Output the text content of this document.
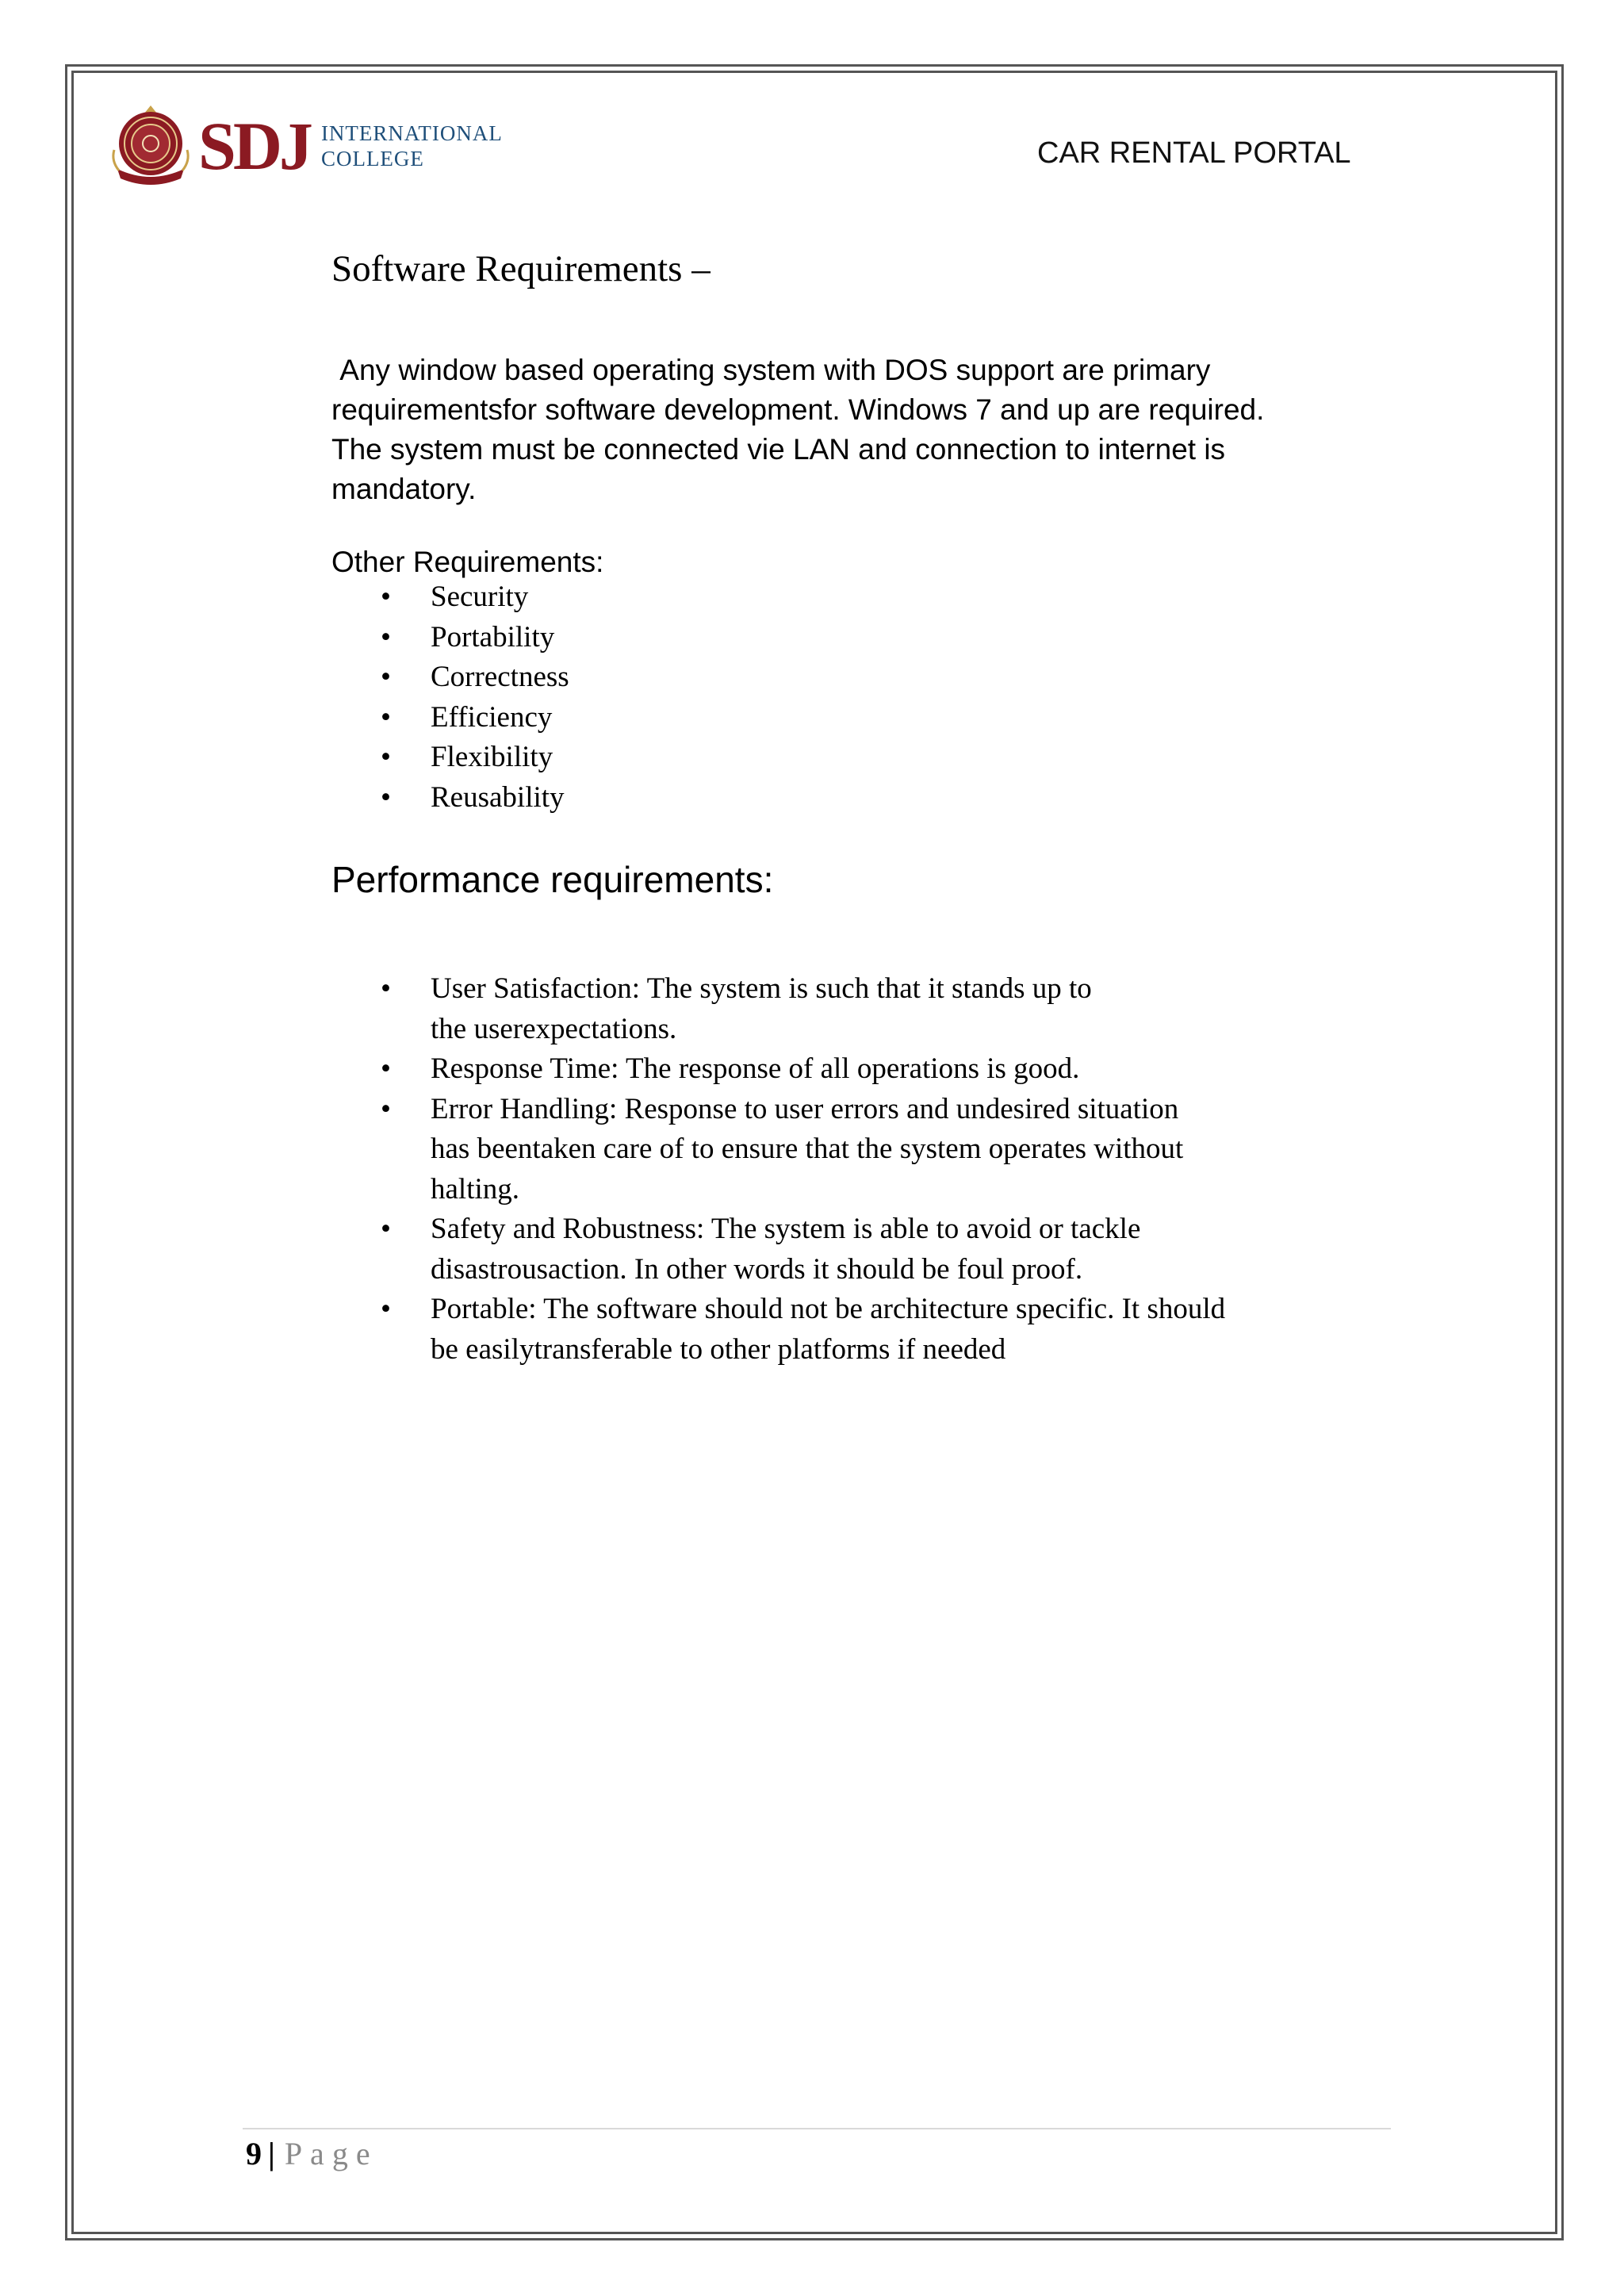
SDJ INTERNATIONAL
COLLEGE	CAR RENTAL PORTAL
Software Requirements –
Any window based operating system with DOS support are primary requirementsfor software development. Windows 7 and up are required. The system must be connected vie LAN and connection to internet is mandatory.
Other Requirements:
• Security
• Portability
• Correctness
• Efficiency
• Flexibility
• Reusability
Performance requirements:
• User Satisfaction: The system is such that it stands up to
the userexpectations.
• Response Time: The response of all operations is good.
• Error Handling: Response to user errors and undesired situation
has beentaken care of to ensure that the system operates without
halting.
• Safety and Robustness: The system is able to avoid or tackle
disastrousaction. In other words it should be foul proof.
• Portable: The software should not be architecture specific. It should
be easilytransferable to other platforms if needed
9 | Page
